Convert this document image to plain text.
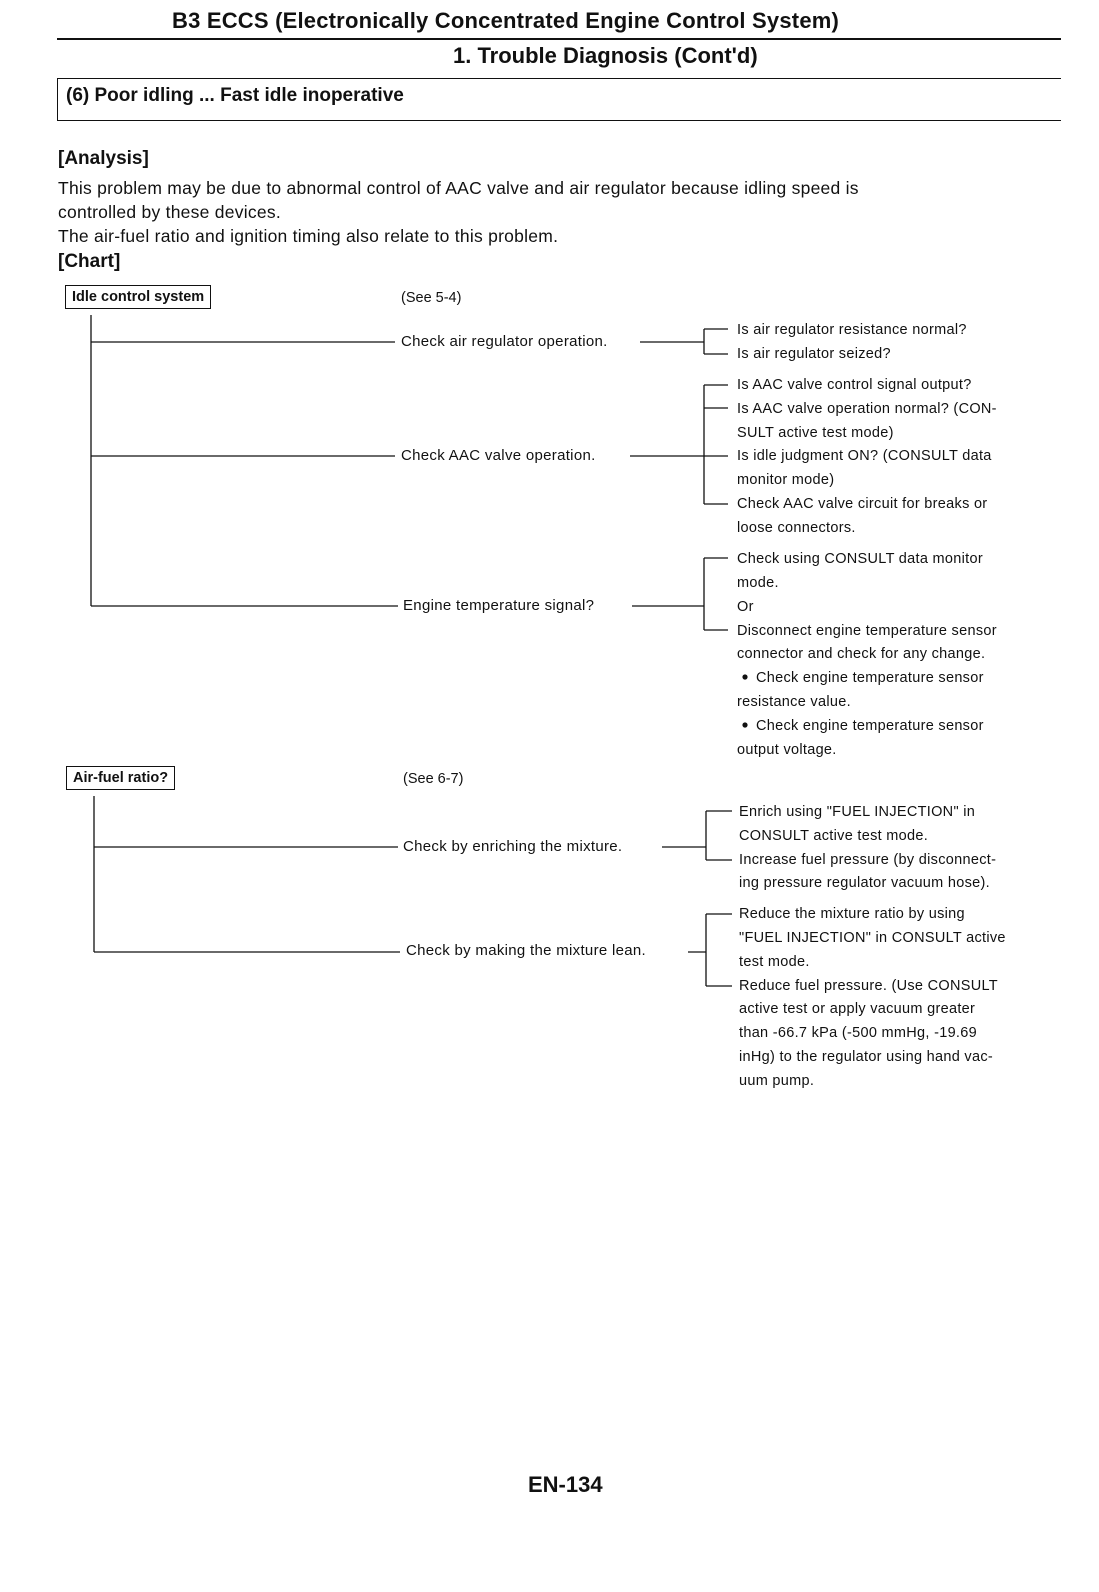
B3 ECCS (Electronically Concentrated Engine Control System)
1. Trouble Diagnosis (Cont'd)
(6) Poor idling ... Fast idle inoperative
[Analysis]
This problem may be due to abnormal control of AAC valve and air regulator because idling speed is
controlled by these devices.
The air-fuel ratio and ignition timing also relate to this problem.
[Chart]
Idle control system	(See 5-4)
Check air regulator operation.
Is air regulator resistance normal?
Is air regulator seized?
Check AAC valve operation.
Is AAC valve control signal output?
Is AAC valve operation normal? (CON-
SULT active test mode)
Is idle judgment ON? (CONSULT data
monitor mode)
Check AAC valve circuit for breaks or
loose connectors.
Engine temperature signal?
Check using CONSULT data monitor
mode.
Or
Disconnect engine temperature sensor
connector and check for any change.
Check engine temperature sensor
resistance value.
Check engine temperature sensor
output voltage.
Air-fuel ratio?	(See 6-7)
Check by enriching the mixture.
Enrich using "FUEL INJECTION" in
CONSULT active test mode.
Increase fuel pressure (by disconnect-
ing pressure regulator vacuum hose).
Check by making the mixture lean.
Reduce the mixture ratio by using
"FUEL INJECTION" in CONSULT active
test mode.
Reduce fuel pressure. (Use CONSULT
active test or apply vacuum greater
than -66.7 kPa (-500 mmHg, -19.69
inHg) to the regulator using hand vac-
uum pump.
EN-134
